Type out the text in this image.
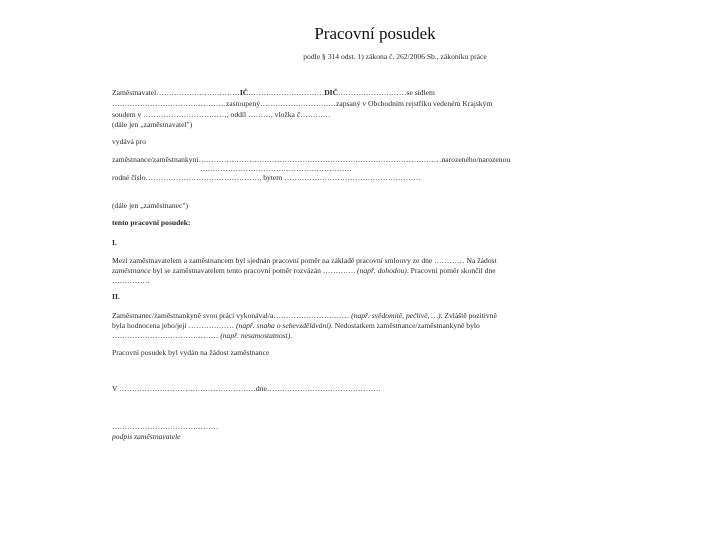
Pracovní posudek
podle § 314 odst. 1) zákona č. 262/2006 Sb., zákoníku práce
Zaměstnavatel……………………………IČ…………………………DIČ………………………se sídlem
………………………………………zastoupený…………………………zapsaný v Obchodním rejstříku vedeném Krajským
soudem v ……………………………, oddíl ………, vložka č…………
(dále jen „zaměstnavatel")
vydává pro
zaměstnance/zaměstnankyni……………………………………………………………………………………narozeného/narozenou
……………………………………………………
rodné číslo………………………………………, bytem ………………………………………………
(dále jen „zaměstnanec")
tento pracovní posudek:
I.
Mezi zaměstnavatelem a zaměstnancem byl sjednán pracovní poměr na základě pracovní smlouvy ze dne ………… Na žádost
zaměstnance byl se zaměstnavatelem tento pracovní poměr rozvázán …………. (např. dohodou). Pracovní poměr skončil dne
……………
II.
Zaměstnanec/zaměstnankyně svou práci vykonával/a………………………… (např. svědomitě, pečlivě, …). Zvláště pozitivně
byla hodnocena jeho/její ……………… (např. snaha o sebevzdělávání). Nedostatkem zaměstnance/zaměstnankyně bylo
…………………………………… (např. nesamostatnost).
Pracovní posudek byl vydán na žádost zaměstnance
V ………………………………………………dne………………………………………
……………………………………
podpis zaměstnavatele
